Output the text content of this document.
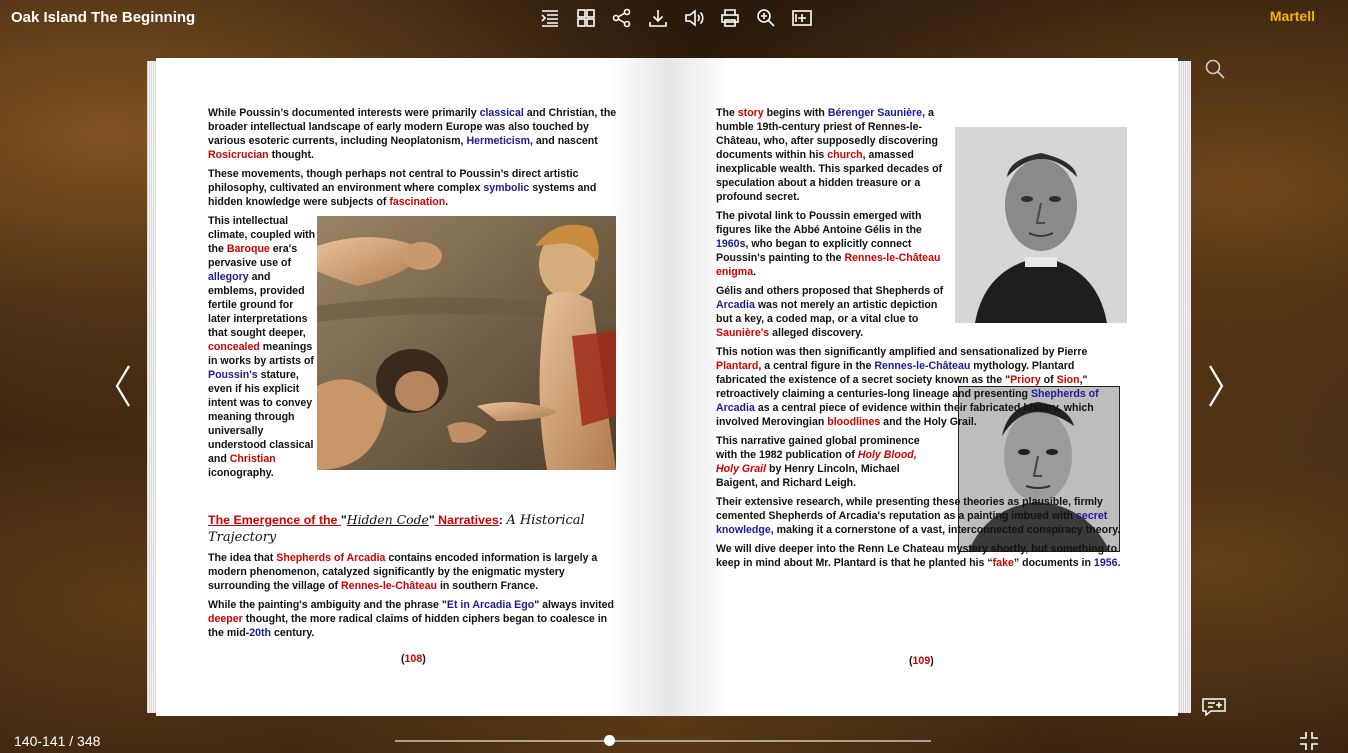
Oak Island The Beginning	Martell

While Poussin’s documented interests were primarily classical and Christian, the broader intellectual landscape of early modern Europe was also touched by various esoteric currents, including Neoplatonism, Hermeticism, and nascent Rosicrucian thought.

These movements, though perhaps not central to Poussin’s direct artistic philosophy, cultivated an environment where complex symbolic systems and hidden knowledge were subjects of fascination.

This intellectual climate, coupled with the Baroque era's pervasive use of allegory and emblems, provided fertile ground for later interpretations that sought deeper, concealed meanings in works by artists of Poussin's stature, even if his explicit intent was to convey meaning through universally understood classical and Christian iconography.

The Emergence of the "Hidden Code" Narratives: A Historical Trajectory

The idea that Shepherds of Arcadia contains encoded information is largely a modern phenomenon, catalyzed significantly by the enigmatic mystery surrounding the village of Rennes-le-Château in southern France.

While the painting's ambiguity and the phrase "Et in Arcadia Ego" always invited deeper thought, the more radical claims of hidden ciphers began to coalesce in the mid-20th century.

(108)

The story begins with Bérenger Saunière, a humble 19th-century priest of Rennes-le-Château, who, after supposedly discovering documents within his church, amassed inexplicable wealth. This sparked decades of speculation about a hidden treasure or a profound secret.

The pivotal link to Poussin emerged with figures like the Abbé Antoine Gélis in the 1960s, who began to explicitly connect Poussin's painting to the Rennes-le-Château enigma.

Gélis and others proposed that Shepherds of Arcadia was not merely an artistic depiction but a key, a coded map, or a vital clue to Saunière's alleged discovery.

This notion was then significantly amplified and sensationalized by Pierre Plantard, a central figure in the Rennes-le-Château mythology. Plantard fabricated the existence of a secret society known as the "Priory of Sion," retroactively claiming a centuries-long lineage and presenting Shepherds of Arcadia as a central piece of evidence within their fabricated history, which involved Merovingian bloodlines and the Holy Grail.

This narrative gained global prominence with the 1982 publication of Holy Blood, Holy Grail by Henry Lincoln, Michael Baigent, and Richard Leigh.

Their extensive research, while presenting these theories as plausible, firmly cemented Shepherds of Arcadia's reputation as a painting imbued with secret knowledge, making it a cornerstone of a vast, interconnected conspiracy theory.

We will dive deeper into the Renn Le Chateau mystery shortly, but something to keep in mind about Mr. Plantard is that he planted his “fake” documents in 1956.

(109)
140-141 / 348
